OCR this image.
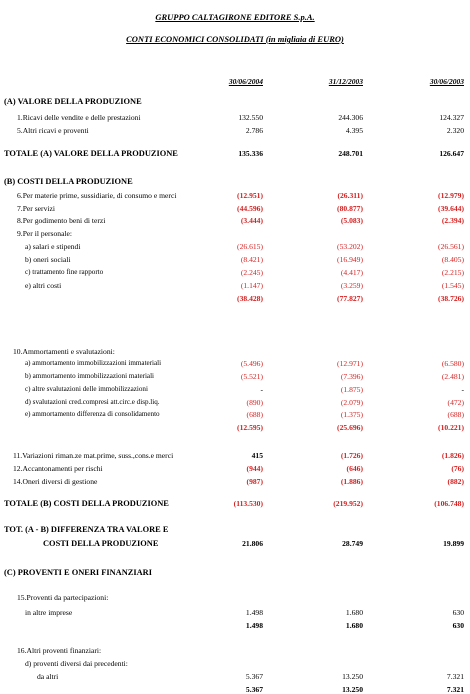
GRUPPO CALTAGIRONE EDITORE S.p.A.
CONTI ECONOMICI CONSOLIDATI (in migliaia di EURO)
30/06/2004	31/12/2003	30/06/2003
(A) VALORE DELLA PRODUZIONE
1.Ricavi delle vendite e delle prestazioni	132.550	244.306	124.327
5.Altri ricavi e proventi	2.786	4.395	2.320
TOTALE (A) VALORE DELLA PRODUZIONE	135.336	248.701	126.647
(B) COSTI DELLA PRODUZIONE
6.Per materie prime, sussidiarie, di consumo e merci	(12.951)	(26.311)	(12.979)
7.Per servizi	(44.596)	(80.877)	(39.644)
8.Per godimento beni di terzi	(3.444)	(5.083)	(2.394)
9.Per il personale:
a) salari e stipendi	(26.615)	(53.202)	(26.561)
b) oneri sociali	(8.421)	(16.949)	(8.405)
c) trattamento fine rapporto	(2.245)	(4.417)	(2.215)
e) altri costi	(1.147)	(3.259)	(1.545)
(38.428)	(77.827)	(38.726)
10.Ammortamenti e svalutazioni:
a) ammortamento immobilizzazioni immateriali	(5.496)	(12.971)	(6.580)
b) ammortamento immobilizzazioni materiali	(5.521)	(7.396)	(2.481)
c) altre svalutazioni delle immobilizzazioni	-	(1.875)	-
d) svalutazioni cred.compresi att.circ.e disp.liq.	(890)	(2.079)	(472)
e) ammortamento differenza di consolidamento	(688)	(1.375)	(688)
(12.595)	(25.696)	(10.221)
11.Variazioni riman.ze mat.prime, suss.,cons.e merci	415	(1.726)	(1.826)
12.Accantonamenti per rischi	(944)	(646)	(76)
14.Oneri diversi di gestione	(987)	(1.886)	(882)
TOTALE (B) COSTI DELLA PRODUZIONE	(113.530)	(219.952)	(106.748)
TOT. (A - B) DIFFERENZA TRA VALORE E
COSTI DELLA PRODUZIONE	21.806	28.749	19.899
(C) PROVENTI E ONERI FINANZIARI
15.Proventi da partecipazioni:
in altre imprese	1.498	1.680	630
1.498	1.680	630
16.Altri proventi finanziari:
d) proventi diversi dai precedenti:
da altri	5.367	13.250	7.321
5.367	13.250	7.321
